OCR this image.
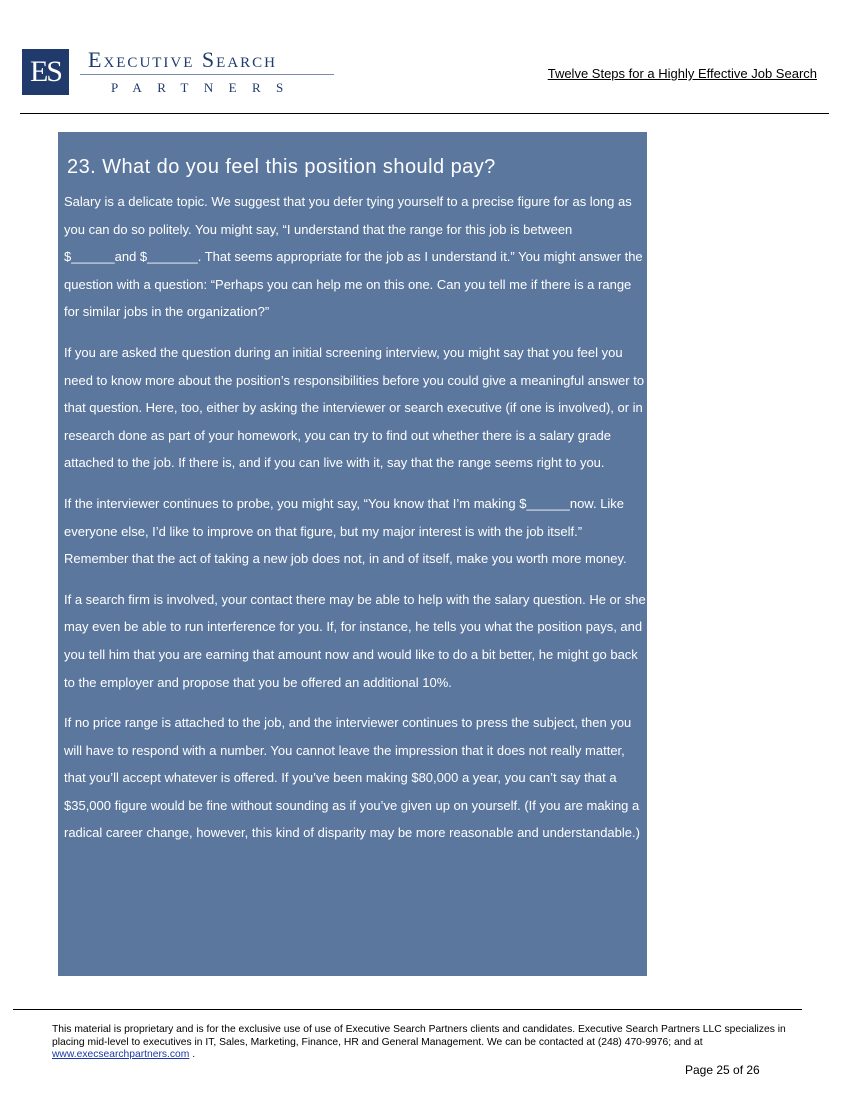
ES	Executive Search
PARTNERS
Twelve Steps for a Highly Effective Job Search
23. What do you feel this position should pay?

Salary is a delicate topic. We suggest that you defer tying yourself to a precise figure for as long as you can do so politely. You might say, “I understand that the range for this job is between $______and $_______. That seems appropriate for the job as I understand it.” You might answer the question with a question: “Perhaps you can help me on this one. Can you tell me if there is a range for similar jobs in the organization?”

If you are asked the question during an initial screening interview, you might say that you feel you need to know more about the position’s responsibilities before you could give a meaningful answer to that question. Here, too, either by asking the interviewer or search executive (if one is involved), or in research done as part of your homework, you can try to find out whether there is a salary grade attached to the job. If there is, and if you can live with it, say that the range seems right to you.

If the interviewer continues to probe, you might say, “You know that I’m making $______now. Like everyone else, I’d like to improve on that figure, but my major interest is with the job itself.” Remember that the act of taking a new job does not, in and of itself, make you worth more money.

If a search firm is involved, your contact there may be able to help with the salary question. He or she may even be able to run interference for you. If, for instance, he tells you what the position pays, and you tell him that you are earning that amount now and would like to do a bit better, he might go back to the employer and propose that you be offered an additional 10%.

If no price range is attached to the job, and the interviewer continues to press the subject, then you will have to respond with a number. You cannot leave the impression that it does not really matter, that you’ll accept whatever is offered. If you’ve been making $80,000 a year, you can’t say that a $35,000 figure would be fine without sounding as if you’ve given up on yourself. (If you are making a radical career change, however, this kind of disparity may be more reasonable and understandable.)

This material is proprietary and is for the exclusive use of use of Executive Search Partners clients and candidates. Executive Search Partners LLC specializes in placing mid-level to executives in IT, Sales, Marketing, Finance, HR and General Management. We can be contacted at (248) 470-9976; and at www.execsearchpartners.com .
Page 25 of 26
